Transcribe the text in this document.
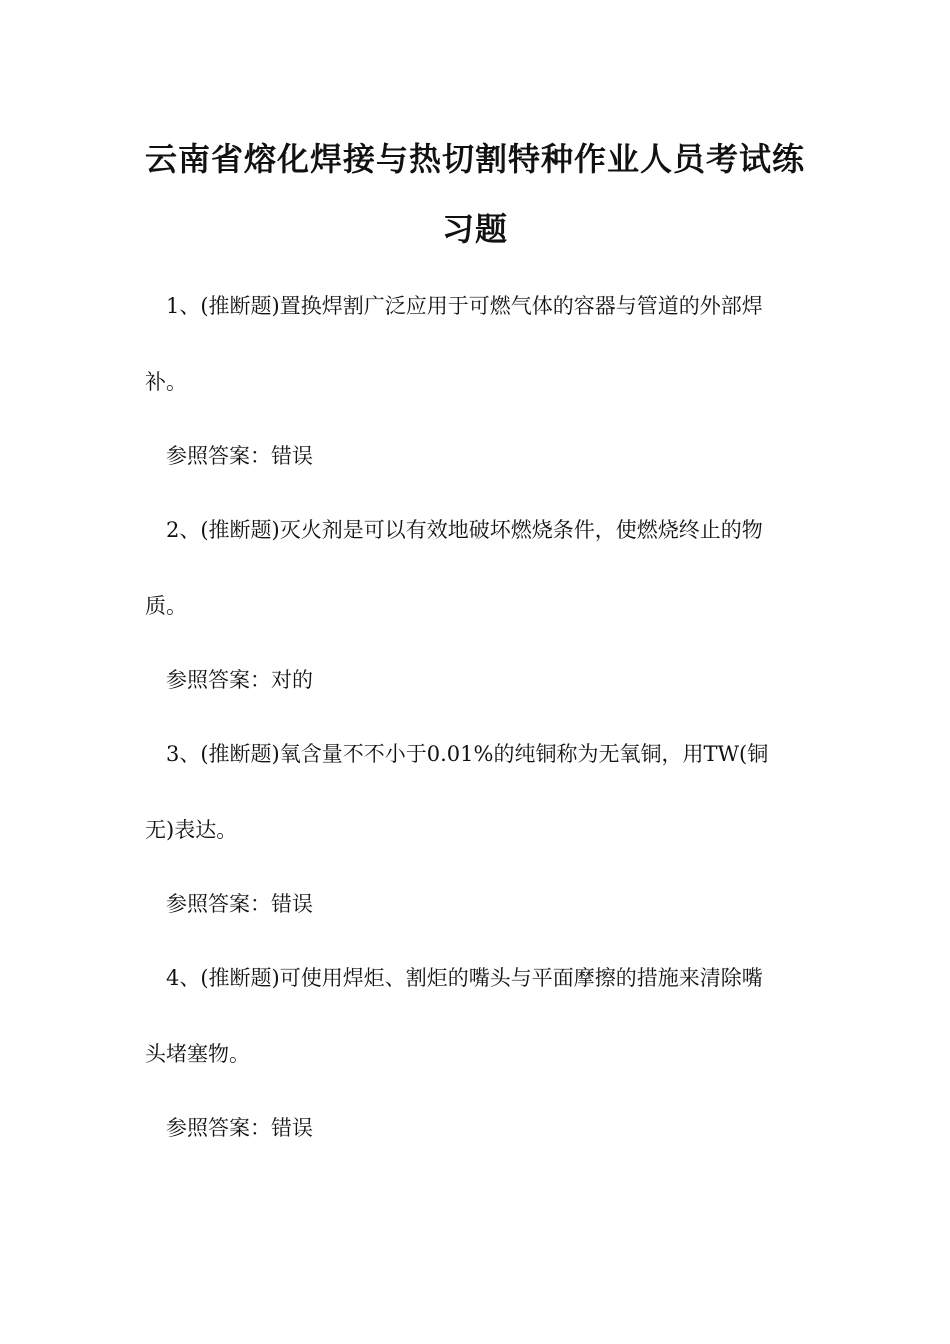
云南省熔化焊接与热切割特种作业人员考试练
习题

1、(推断题)置换焊割广泛应用于可燃气体的容器与管道的外部焊

补。

参照答案：错误

2、(推断题)灭火剂是可以有效地破坏燃烧条件，使燃烧终止的物

质。

参照答案：对的

3、(推断题)氧含量不不小于0.01%的纯铜称为无氧铜，用TW(铜

无)表达。

参照答案：错误

4、(推断题)可使用焊炬、割炬的嘴头与平面摩擦的措施来清除嘴

头堵塞物。

参照答案：错误
